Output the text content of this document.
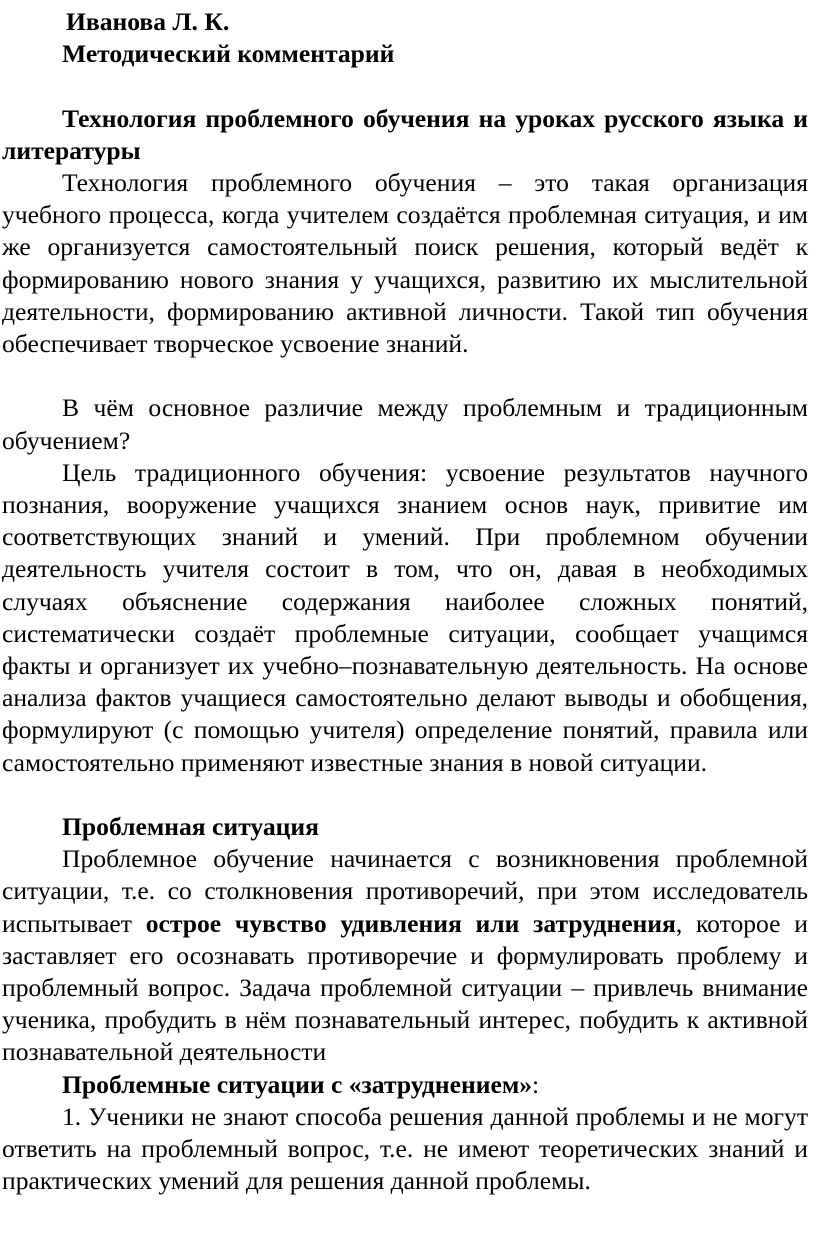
Иванова Л. К.

Методический комментарий

Технология проблемного обучения на уроках русского языка и литературы

Технология проблемного обучения – это такая организация учебного процесса, когда учителем создаётся проблемная ситуация, и им же организуется самостоятельный поиск решения, который ведёт к формированию нового знания у учащихся, развитию их мыслительной деятельности, формированию активной личности. Такой тип обучения обеспечивает творческое усвоение знаний.

В чём основное различие между проблемным и традиционным обучением?

Цель традиционного обучения: усвоение результатов научного познания, вооружение учащихся знанием основ наук, привитие им соответствующих знаний и умений. При проблемном обучении деятельность учителя состоит в том, что он, давая в необходимых случаях объяснение содержания наиболее сложных понятий, систематически создаёт проблемные ситуации, сообщает учащимся факты и организует их учебно–познавательную деятельность. На основе анализа фактов учащиеся самостоятельно делают выводы и обобщения, формулируют (с помощью учителя) определение понятий, правила или самостоятельно применяют известные знания в новой ситуации.

Проблемная ситуация

Проблемное обучение начинается с возникновения проблемной ситуации, т.е. со столкновения противоречий, при этом исследователь испытывает острое чувство удивления или затруднения, которое и заставляет его осознавать противоречие и формулировать проблему и проблемный вопрос. Задача проблемной ситуации – привлечь внимание ученика, пробудить в нём познавательный интерес, побудить к активной познавательной деятельности

Проблемные ситуации с «затруднением»:

1. Ученики не знают способа решения данной проблемы и не могут ответить на проблемный вопрос, т.е. не имеют теоретических знаний и практических умений для решения данной проблемы.
